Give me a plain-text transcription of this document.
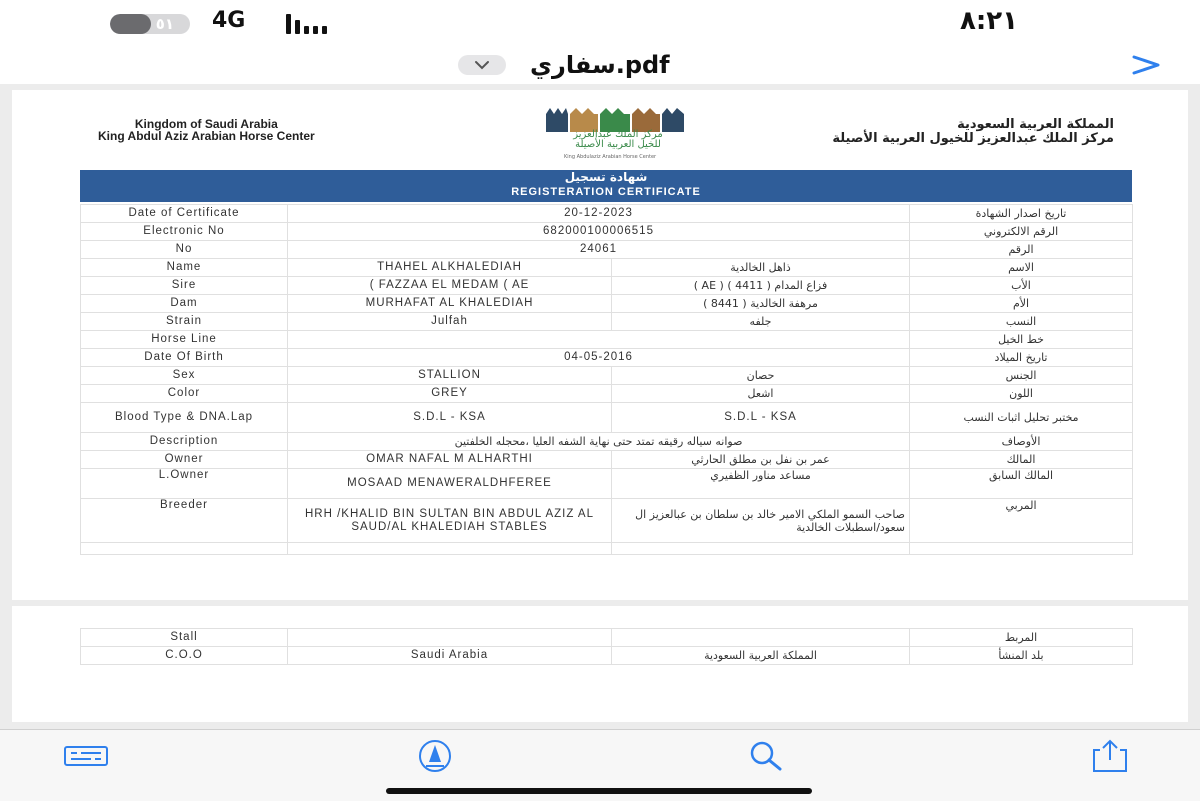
٥١ 4G	٨:٢١
سفاري.pdf
Kingdom of Saudi Arabia
King Abdul Aziz Arabian Horse Center	مركز الملك عبدالعزيز
للخيل العربية الأصيلة
King Abdulaziz Arabian Horse Center
المملكة العربية السعودية
مركز الملك عبدالعزيز للخيول العربية الأصيلة
شهادة تسجيل
REGISTERATION CERTIFICATE
Date of Certificate	20-12-2023		تاريخ اصدار الشهادة
Electronic No	682000100006515		الرقم الالكتروني
No	24061		الرقم
Name	THAHEL ALKHALEDIAH	ذاهل الخالدية	الاسم
Sire	( FAZZAA EL MEDAM ( AE	فزاع المدام ( 4411 ) ( AE )	الأب
Dam	MURHAFAT AL KHALEDIAH	مرهفة الخالدية ( 8441 )	الأم
Strain	Julfah	جلفه	النسب
Horse Line			خط الخيل
Date Of Birth	04-05-2016		تاريخ الميلاد
Sex	STALLION	حصان	الجنس
Color	GREY	اشعل	اللون
Blood Type & DNA.Lap	S.D.L - KSA	S.D.L - KSA	مختبر تحليل اثبات النسب
Description	صوانه سياله رقيقه تمتد حتى نهاية الشفه العليا ،محجله الخلفتين		الأوصاف
Owner	OMAR NAFAL M ALHARTHI	عمر بن نفل بن مطلق الحارثي	المالك
L.Owner	MOSAAD MENAWERALDHFEREE	مساعد مناور الظفيري	المالك السابق
Breeder	HRH /KHALID BIN SULTAN BIN ABDUL AZIZ AL SAUD/AL KHALEDIAH STABLES	صاحب السمو الملكي الامير خالد بن سلطان بن عبالعزيز ال سعود/اسطبلات الخالدية	المربي

Stall			المربط
C.O.O	Saudi Arabia	المملكة العربية السعودية	بلد المنشأ
